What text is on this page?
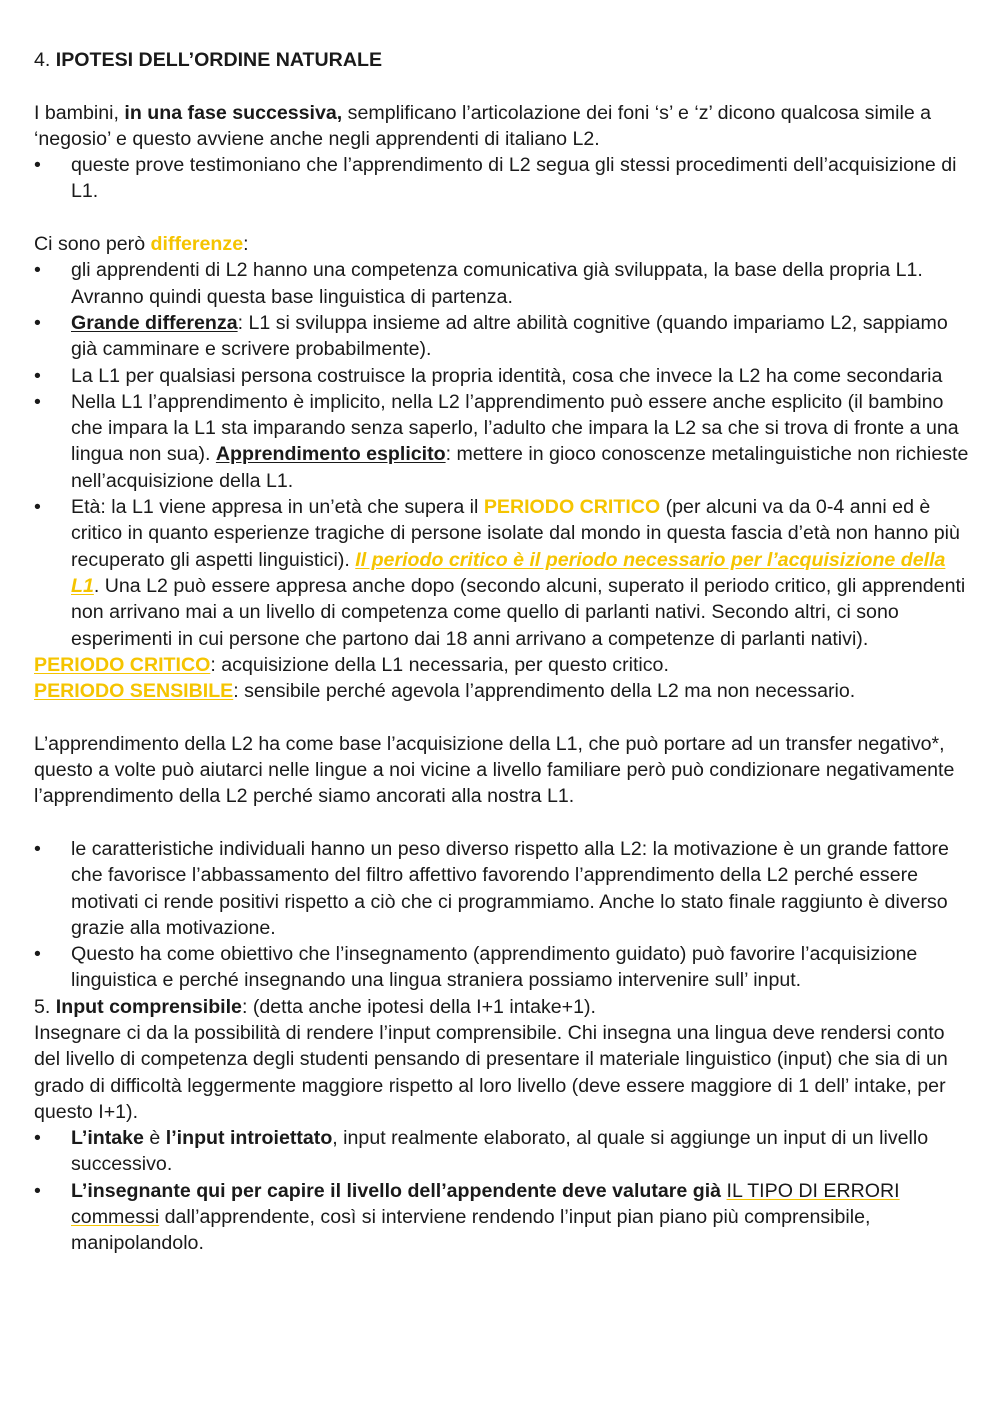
4. IPOTESI DELL’ORDINE NATURALE

I bambini, in una fase successiva, semplificano l’articolazione dei foni ‘s’ e ‘z’ dicono qualcosa simile a ‘negosio’ e questo avviene anche negli apprendenti di italiano L2.

•	queste prove testimoniano che l’apprendimento di L2 segua gli stessi procedimenti dell’acquisizione di L1.

Ci sono però differenze:

•	gli apprendenti di L2 hanno una competenza comunicativa già sviluppata, la base della propria L1. Avranno quindi questa base linguistica di partenza.
•	Grande differenza: L1 si sviluppa insieme ad altre abilità cognitive (quando impariamo L2, sappiamo già camminare e scrivere probabilmente).
•	La L1 per qualsiasi persona costruisce la propria identità, cosa che invece la L2 ha come secondaria
•	Nella L1 l’apprendimento è implicito, nella L2 l’apprendimento può essere anche esplicito (il bambino che impara la L1 sta imparando senza saperlo, l’adulto che impara la L2 sa che si trova di fronte a una lingua non sua). Apprendimento esplicito: mettere in gioco conoscenze metalinguistiche non richieste nell’acquisizione della L1.
•	Età: la L1 viene appresa in un’età che supera il PERIODO CRITICO (per alcuni va da 0-4 anni ed è critico in quanto esperienze tragiche di persone isolate dal mondo in questa fascia d’età non hanno più recuperato gli aspetti linguistici). Il periodo critico è il periodo necessario per l’acquisizione della L1. Una L2 può essere appresa anche dopo (secondo alcuni, superato il periodo critico, gli apprendenti non arrivano mai a un livello di competenza come quello di parlanti nativi. Secondo altri, ci sono esperimenti in cui persone che partono dai 18 anni arrivano a competenze di parlanti nativi).

PERIODO CRITICO: acquisizione della L1 necessaria, per questo critico.

PERIODO SENSIBILE: sensibile perché agevola l’apprendimento della L2 ma non necessario.

L’apprendimento della L2 ha come base l’acquisizione della L1, che può portare ad un transfer negativo*, questo a volte può aiutarci nelle lingue a noi vicine a livello familiare però può condizionare negativamente l’apprendimento della L2 perché siamo ancorati alla nostra L1.

•	le caratteristiche individuali hanno un peso diverso rispetto alla L2: la motivazione è un grande fattore che favorisce l’abbassamento del filtro affettivo favorendo l’apprendimento della L2 perché essere motivati ci rende positivi rispetto a ciò che ci programmiamo. Anche lo stato finale raggiunto è diverso grazie alla motivazione.
•	Questo ha come obiettivo che l’insegnamento (apprendimento guidato) può favorire l’acquisizione linguistica e perché insegnando una lingua straniera possiamo intervenire sull’ input.

5. Input comprensibile: (detta anche ipotesi della I+1 intake+1).

Insegnare ci da la possibilità di rendere l’input comprensibile. Chi insegna una lingua deve rendersi conto del livello di competenza degli studenti pensando di presentare il materiale linguistico (input) che sia di un grado di difficoltà leggermente maggiore rispetto al loro livello (deve essere maggiore di 1 dell’ intake, per questo I+1).

•	L’intake è l’input introiettato, input realmente elaborato, al quale si aggiunge un input di un livello successivo.
•	L’insegnante qui per capire il livello dell’appendente deve valutare già IL TIPO DI ERRORI commessi dall’apprendente, così si interviene rendendo l’input pian piano più comprensibile, manipolandolo.
